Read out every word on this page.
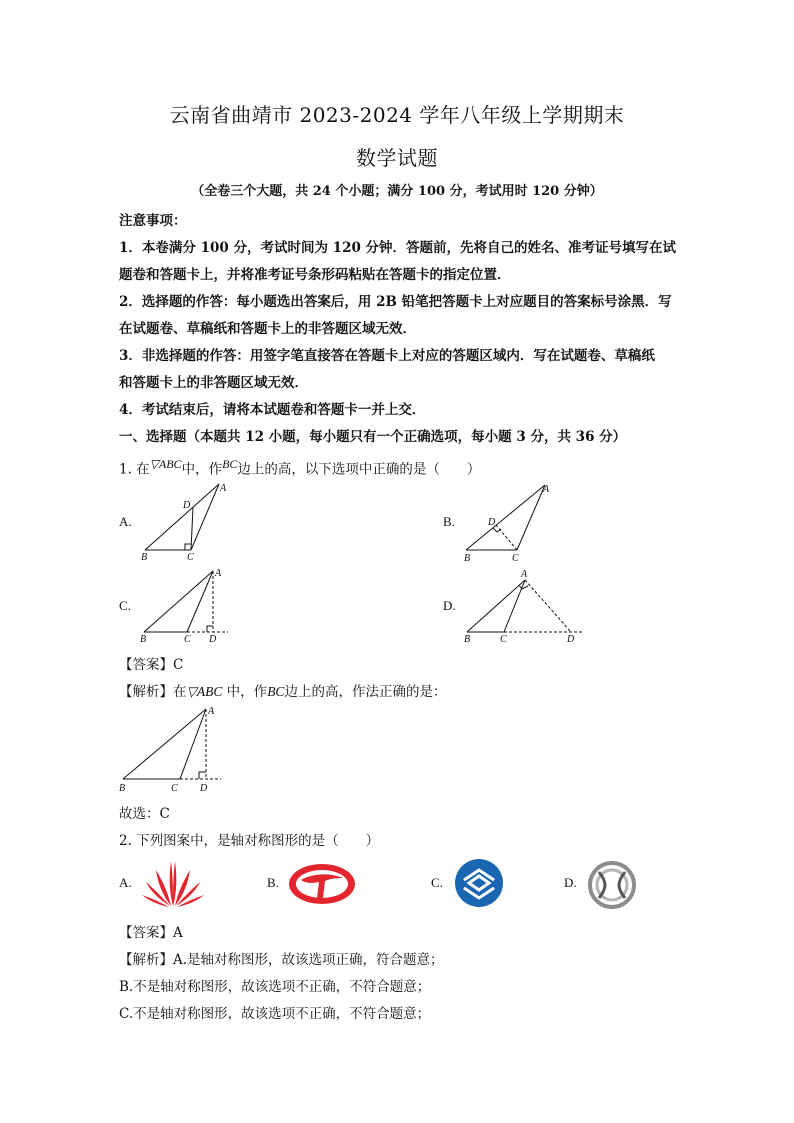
云南省曲靖市 2023-2024 学年八年级上学期期末
数学试题
（全卷三个大题，共 24 个小题；满分 100 分，考试用时 120 分钟）
注意事项：
1．本卷满分 100 分，考试时间为 120 分钟．答题前，先将自己的姓名、准考证号填写在试
题卷和答题卡上，并将准考证号条形码粘贴在答题卡的指定位置．
2．选择题的作答：每小题选出答案后，用 2B 铅笔把答题卡上对应题目的答案标号涂黑．写
在试题卷、草稿纸和答题卡上的非答题区域无效．
3．非选择题的作答：用签字笔直接答在答题卡上对应的答题区域内．写在试题卷、草稿纸
和答题卡上的非答题区域无效．
4．考试结束后，请将本试题卷和答题卡一并上交．
一、选择题（本题共 12 小题，每小题只有一个正确选项，每小题 3 分，共 36 分）
1. 在$^{▽ABC}$中，作$^{BC}$边上的高，以下选项中正确的是（　　）
A.	B.
C.	D.
A
D
B	C
A
D
B	C
A
B	C D
A
B	C	D
【答案】C
【解析】在▽ABC 中，作BC边上的高，作法正确的是：
A
B	C D
故选：C
2. 下列图案中，是轴对称图形的是（　　）
A.	B.	C.	D.
【答案】A
【解析】A.是轴对称图形，故该选项正确，符合题意；
B.不是轴对称图形，故该选项不正确，不符合题意；
C.不是轴对称图形，故该选项不正确，不符合题意；
